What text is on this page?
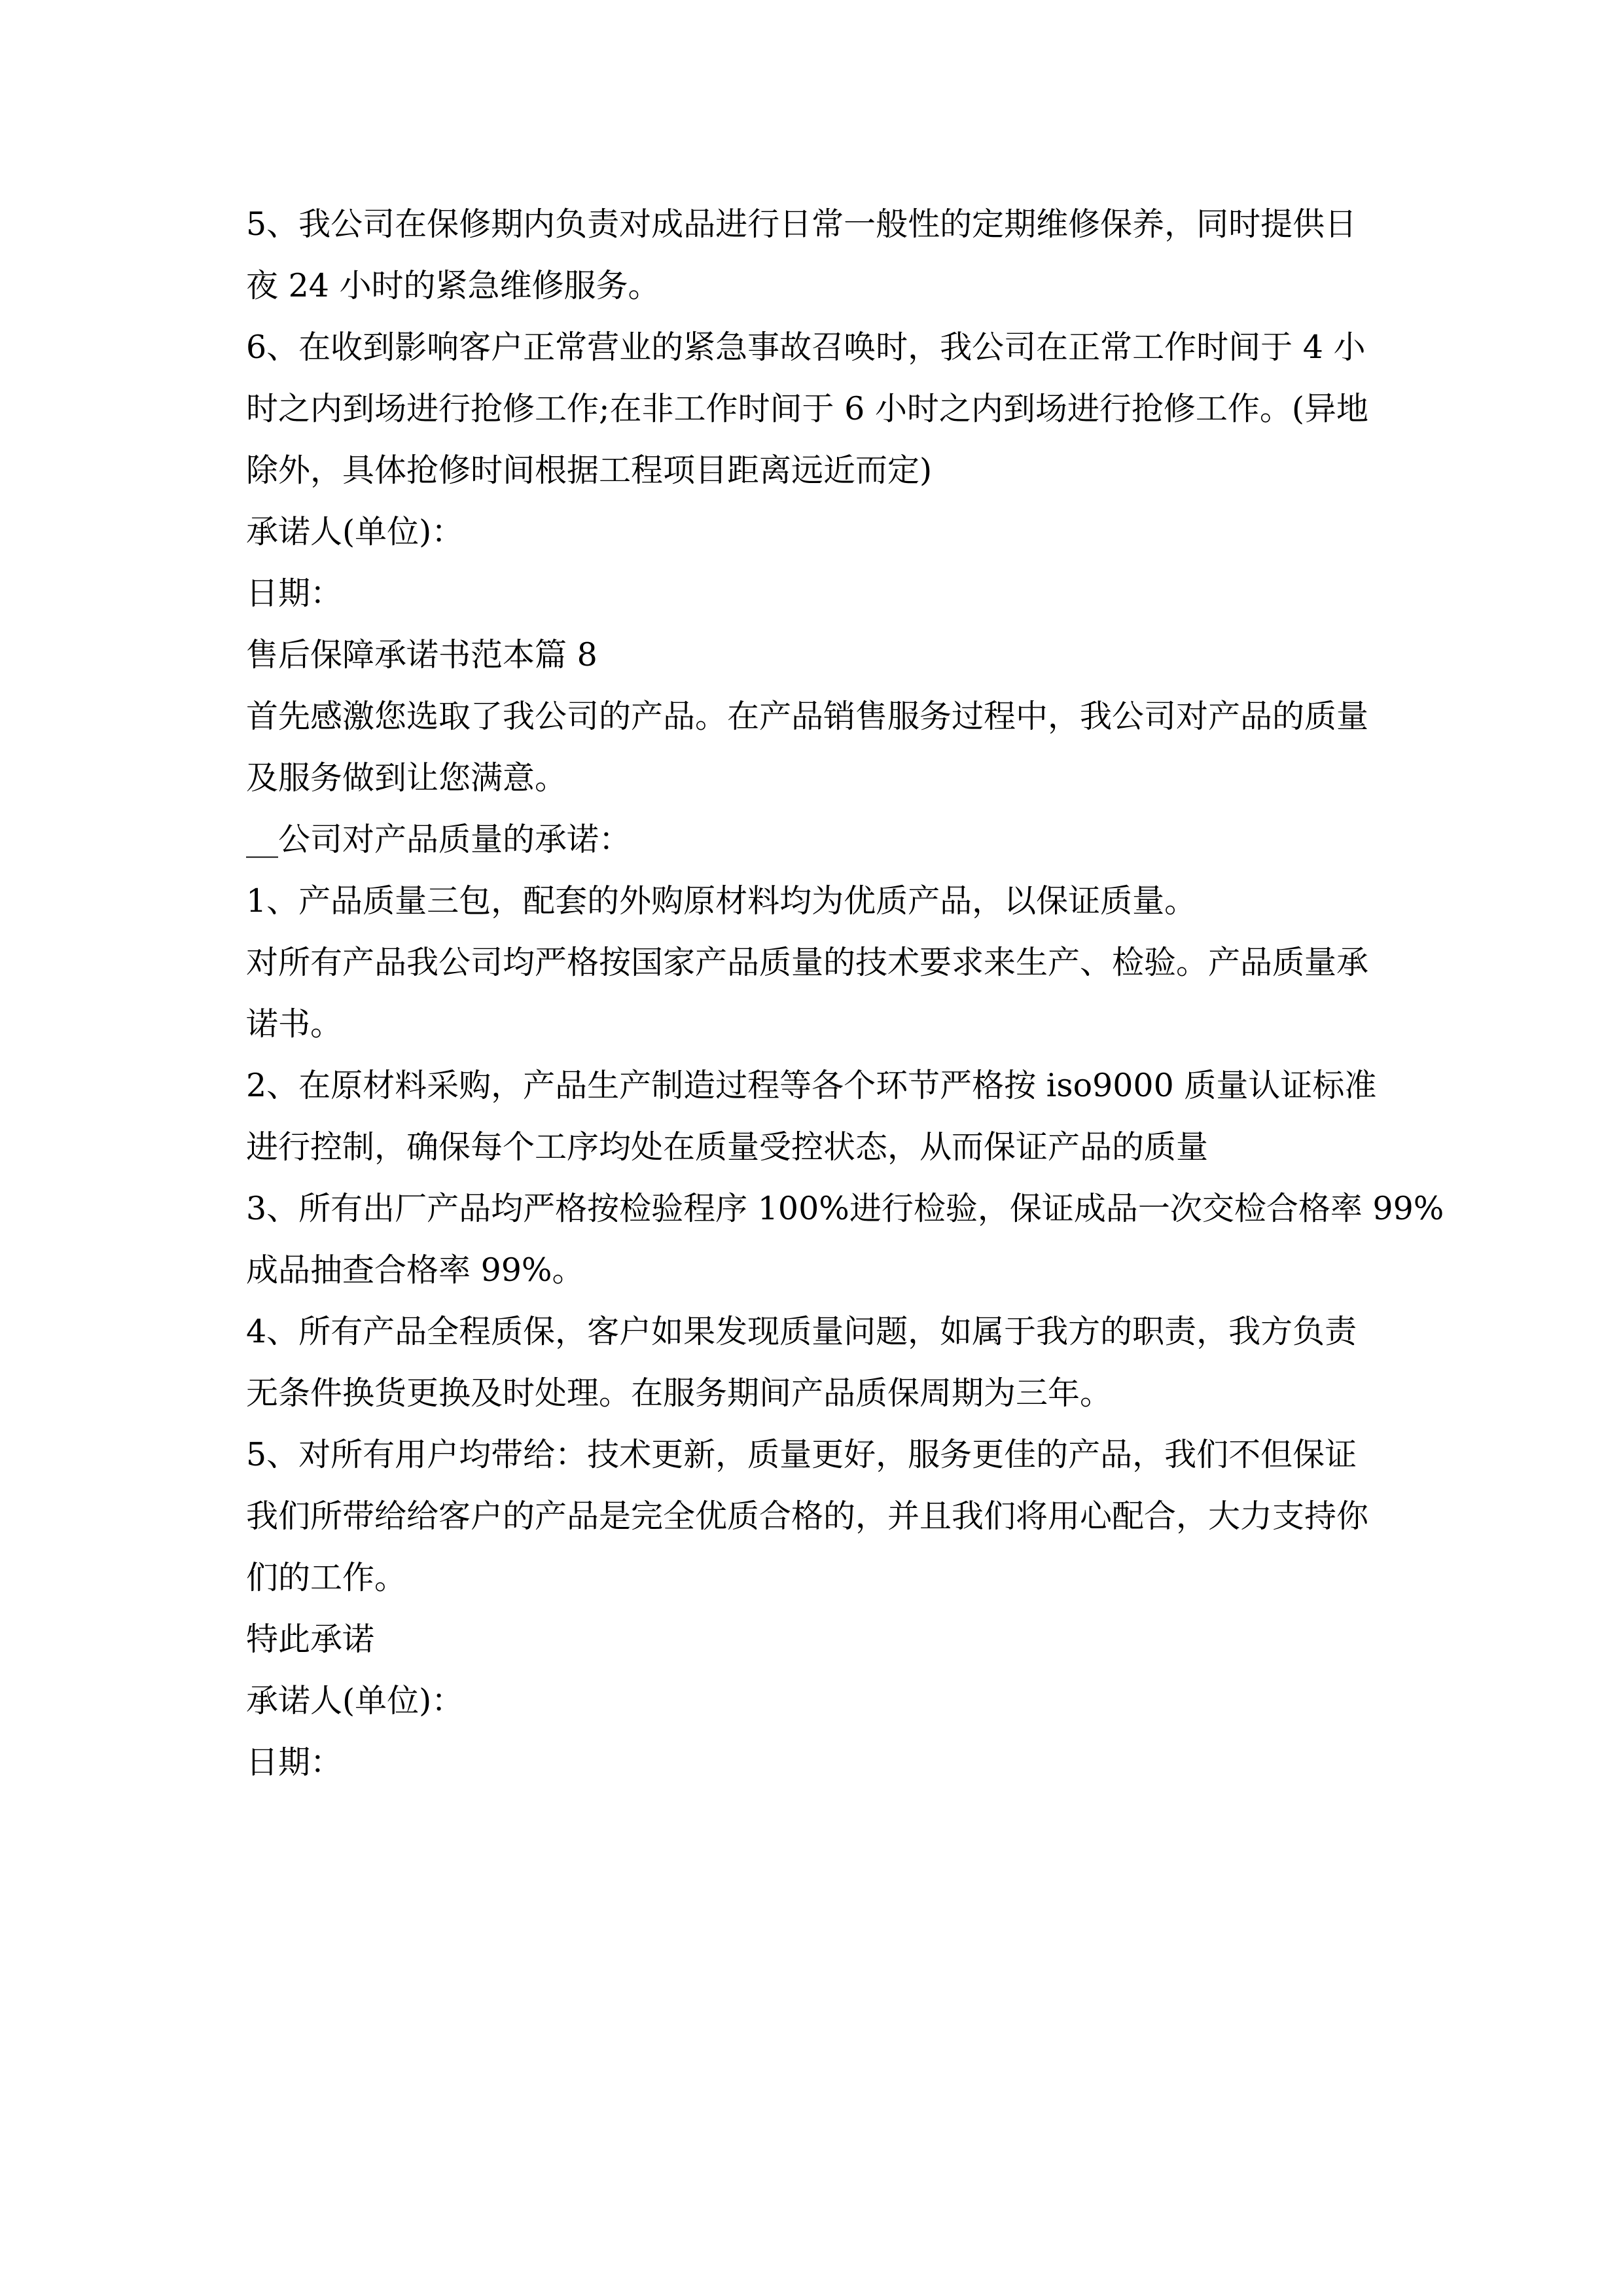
5、我公司在保修期内负责对成品进行日常一般性的定期维修保养，同时提供日

夜 24 小时的紧急维修服务。

6、在收到影响客户正常营业的紧急事故召唤时，我公司在正常工作时间于 4 小

时之内到场进行抢修工作;在非工作时间于 6 小时之内到场进行抢修工作。(异地

除外，具体抢修时间根据工程项目距离远近而定)

承诺人(单位)：

日期：

售后保障承诺书范本篇 8

首先感激您选取了我公司的产品。在产品销售服务过程中，我公司对产品的质量

及服务做到让您满意。

__公司对产品质量的承诺：

1、产品质量三包，配套的外购原材料均为优质产品，以保证质量。

对所有产品我公司均严格按国家产品质量的技术要求来生产、检验。产品质量承

诺书。

2、在原材料采购，产品生产制造过程等各个环节严格按 iso9000 质量认证标准

进行控制，确保每个工序均处在质量受控状态，从而保证产品的质量

3、所有出厂产品均严格按检验程序 100%进行检验，保证成品一次交检合格率 99%

成品抽查合格率 99%。

4、所有产品全程质保，客户如果发现质量问题，如属于我方的职责，我方负责

无条件换货更换及时处理。在服务期间产品质保周期为三年。

5、对所有用户均带给：技术更新，质量更好，服务更佳的产品，我们不但保证

我们所带给给客户的产品是完全优质合格的，并且我们将用心配合，大力支持你

们的工作。

特此承诺

承诺人(单位)：

日期：
